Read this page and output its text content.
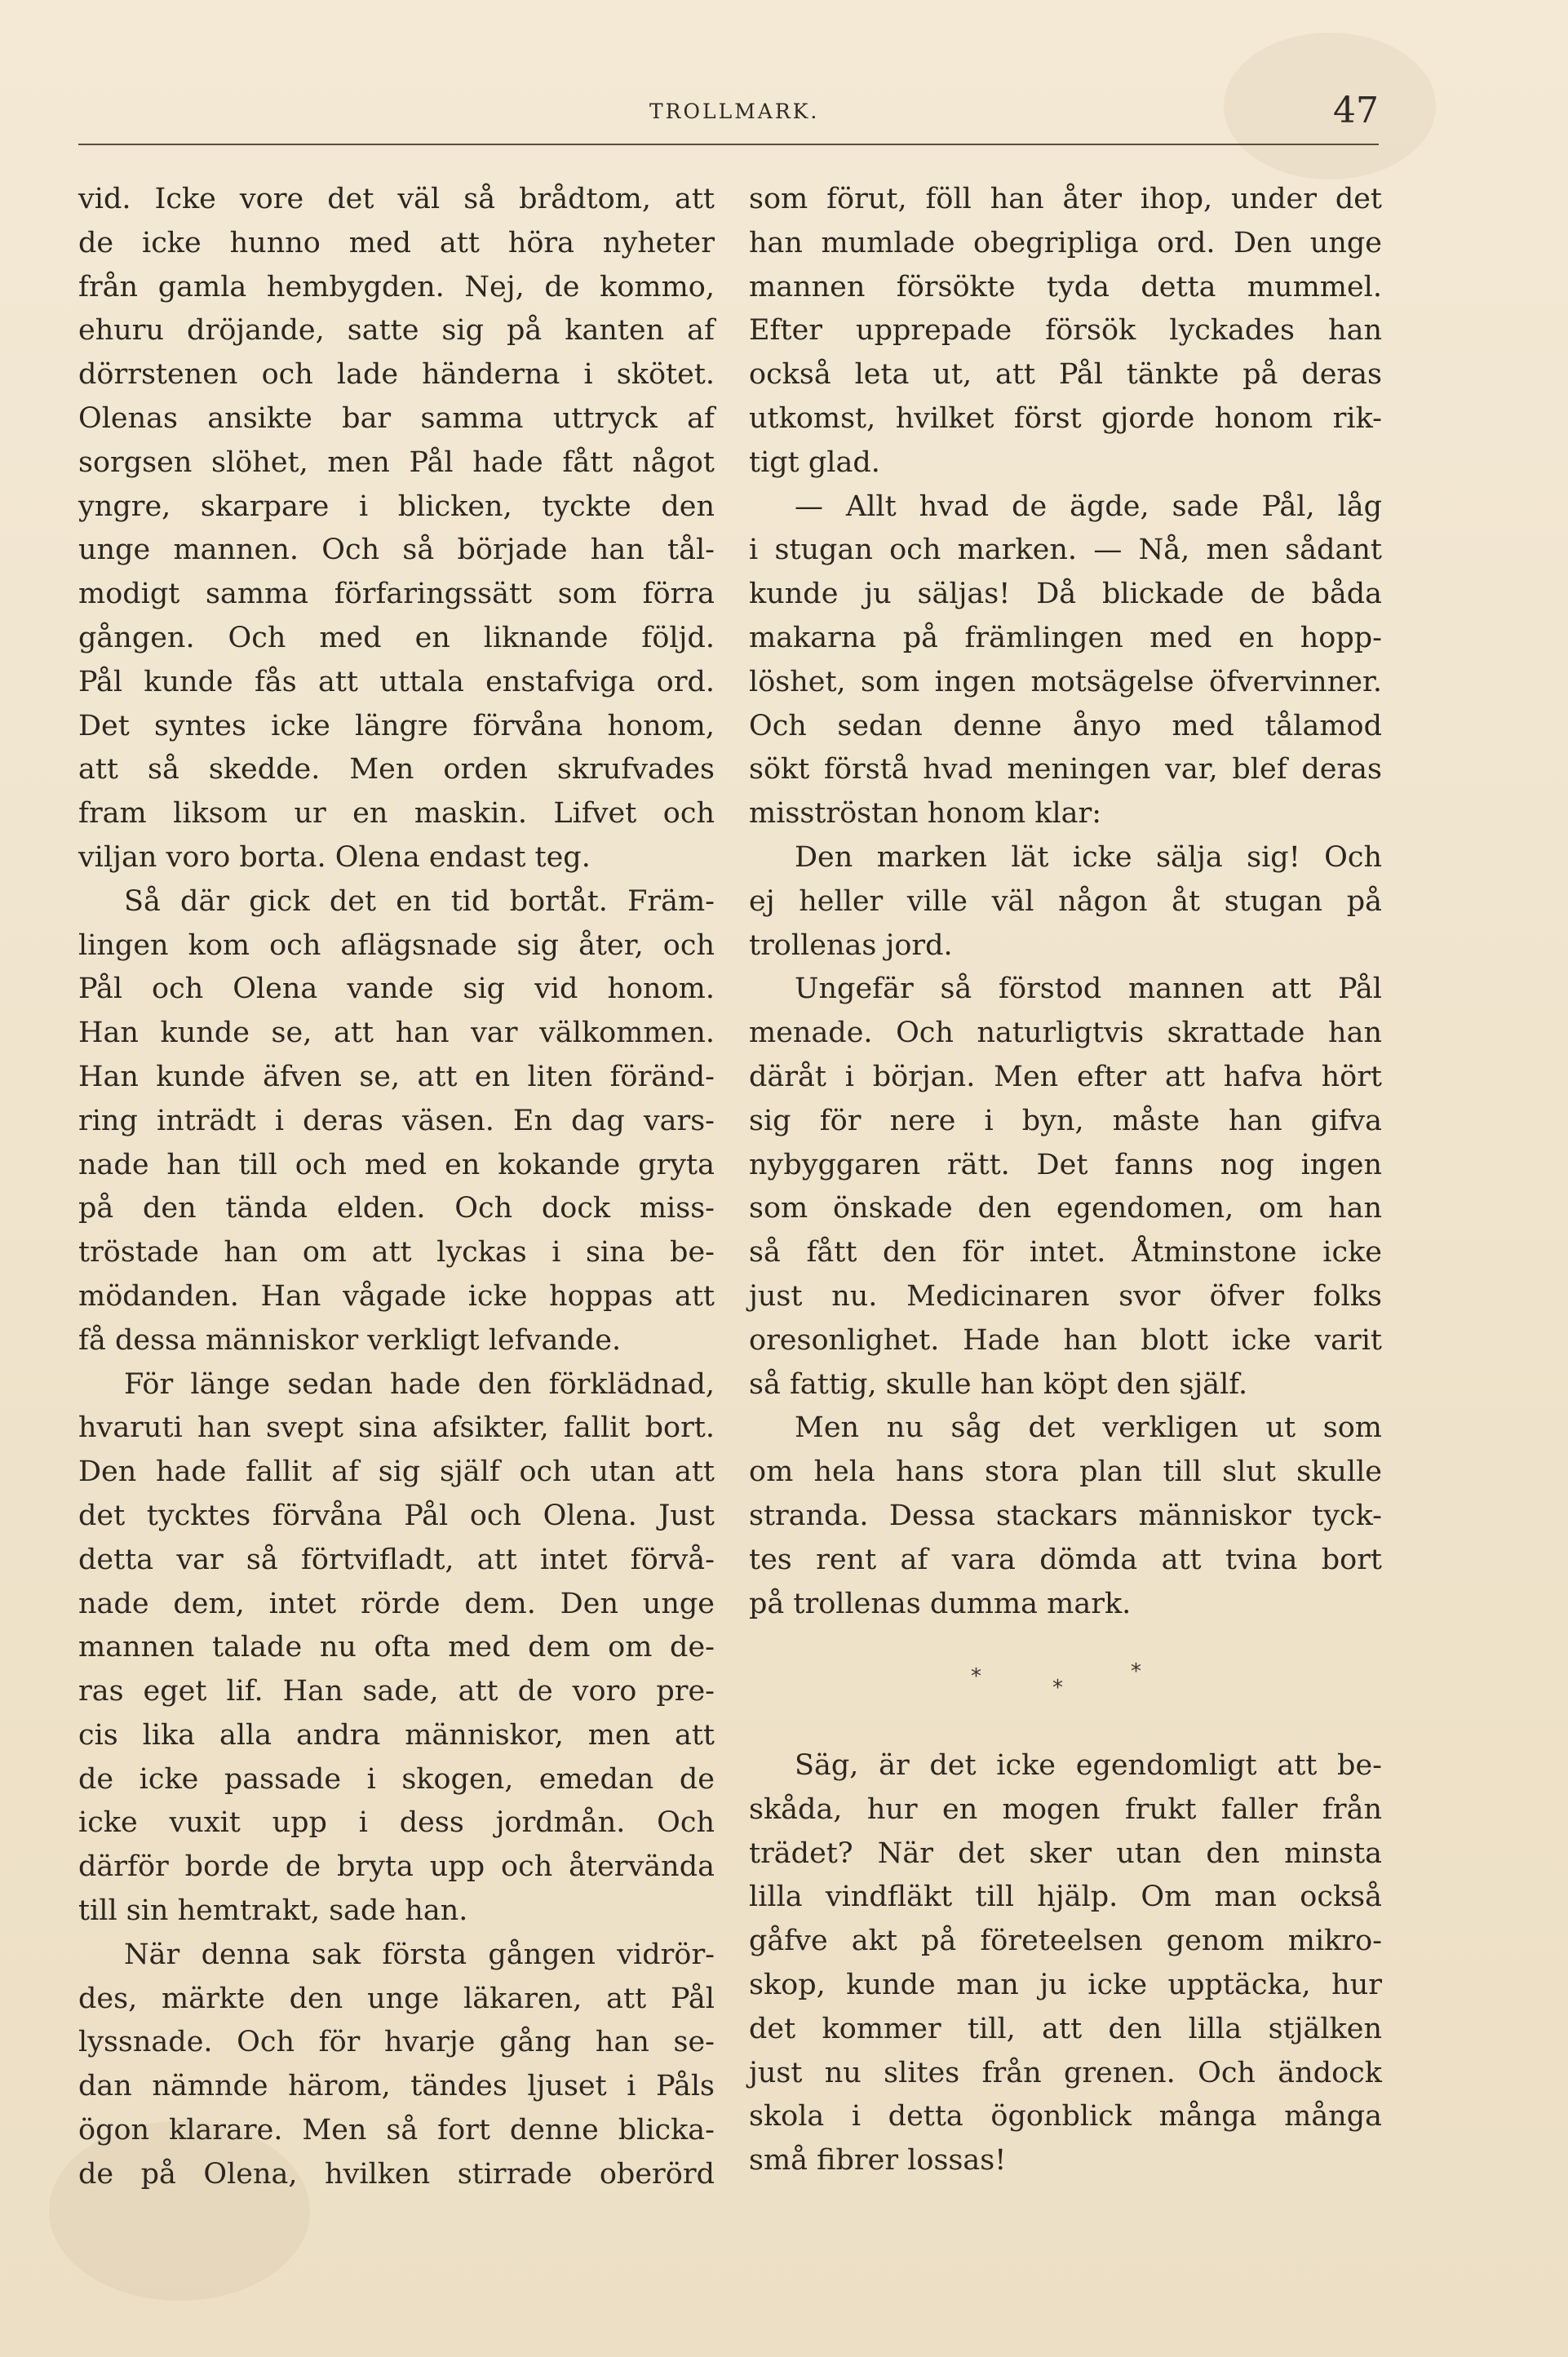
TROLLMARK.	47
vid. Icke vore det väl så brådtom, att
de icke hunno med att höra nyheter
från gamla hembygden. Nej, de kommo,
ehuru dröjande, satte sig på kanten af
dörrstenen och lade händerna i skötet.
Olenas ansikte bar samma uttryck af
sorgsen slöhet, men Pål hade fått något
yngre, skarpare i blicken, tyckte den
unge mannen. Och så började han tål-
modigt samma förfaringssätt som förra
gången. Och med en liknande följd.
Pål kunde fås att uttala enstafviga ord.
Det syntes icke längre förvåna honom,
att så skedde. Men orden skrufvades
fram liksom ur en maskin. Lifvet och
viljan voro borta. Olena endast teg.
Så där gick det en tid bortåt. Främ-
lingen kom och aflägsnade sig åter, och
Pål och Olena vande sig vid honom.
Han kunde se, att han var välkommen.
Han kunde äfven se, att en liten föränd-
ring inträdt i deras väsen. En dag vars-
nade han till och med en kokande gryta
på den tända elden. Och dock miss-
tröstade han om att lyckas i sina be-
mödanden. Han vågade icke hoppas att
få dessa människor verkligt lefvande.
För länge sedan hade den förklädnad,
hvaruti han svept sina afsikter, fallit bort.
Den hade fallit af sig själf och utan att
det tycktes förvåna Pål och Olena. Just
detta var så förtvifladt, att intet förvå-
nade dem, intet rörde dem. Den unge
mannen talade nu ofta med dem om de-
ras eget lif. Han sade, att de voro pre-
cis lika alla andra människor, men att
de icke passade i skogen, emedan de
icke vuxit upp i dess jordmån. Och
därför borde de bryta upp och återvända
till sin hemtrakt, sade han.
När denna sak första gången vidrör-
des, märkte den unge läkaren, att Pål
lyssnade. Och för hvarje gång han se-
dan nämnde härom, tändes ljuset i Påls
ögon klarare. Men så fort denne blicka-
de på Olena, hvilken stirrade oberörd
som förut, föll han åter ihop, under det
han mumlade obegripliga ord. Den unge
mannen försökte tyda detta mummel.
Efter upprepade försök lyckades han
också leta ut, att Pål tänkte på deras
utkomst, hvilket först gjorde honom rik-
tigt glad.
— Allt hvad de ägde, sade Pål, låg
i stugan och marken. — Nå, men sådant
kunde ju säljas! Då blickade de båda
makarna på främlingen med en hopp-
löshet, som ingen motsägelse öfvervinner.
Och sedan denne ånyo med tålamod
sökt förstå hvad meningen var, blef deras
misströstan honom klar:
Den marken lät icke sälja sig! Och
ej heller ville väl någon åt stugan på
trollenas jord.
Ungefär så förstod mannen att Pål
menade. Och naturligtvis skrattade han
däråt i början. Men efter att hafva hört
sig för nere i byn, måste han gifva
nybyggaren rätt. Det fanns nog ingen
som önskade den egendomen, om han
så fått den för intet. Åtminstone icke
just nu. Medicinaren svor öfver folks
oresonlighet. Hade han blott icke varit
så fattig, skulle han köpt den själf.
Men nu såg det verkligen ut som
om hela hans stora plan till slut skulle
stranda. Dessa stackars människor tyck-
tes rent af vara dömda att tvina bort
på trollenas dumma mark.
*	*
*
Säg, är det icke egendomligt att be-
skåda, hur en mogen frukt faller från
trädet? När det sker utan den minsta
lilla vindfläkt till hjälp. Om man också
gåfve akt på företeelsen genom mikro-
skop, kunde man ju icke upptäcka, hur
det kommer till, att den lilla stjälken
just nu slites från grenen. Och ändock
skola i detta ögonblick många många
små fibrer lossas!
